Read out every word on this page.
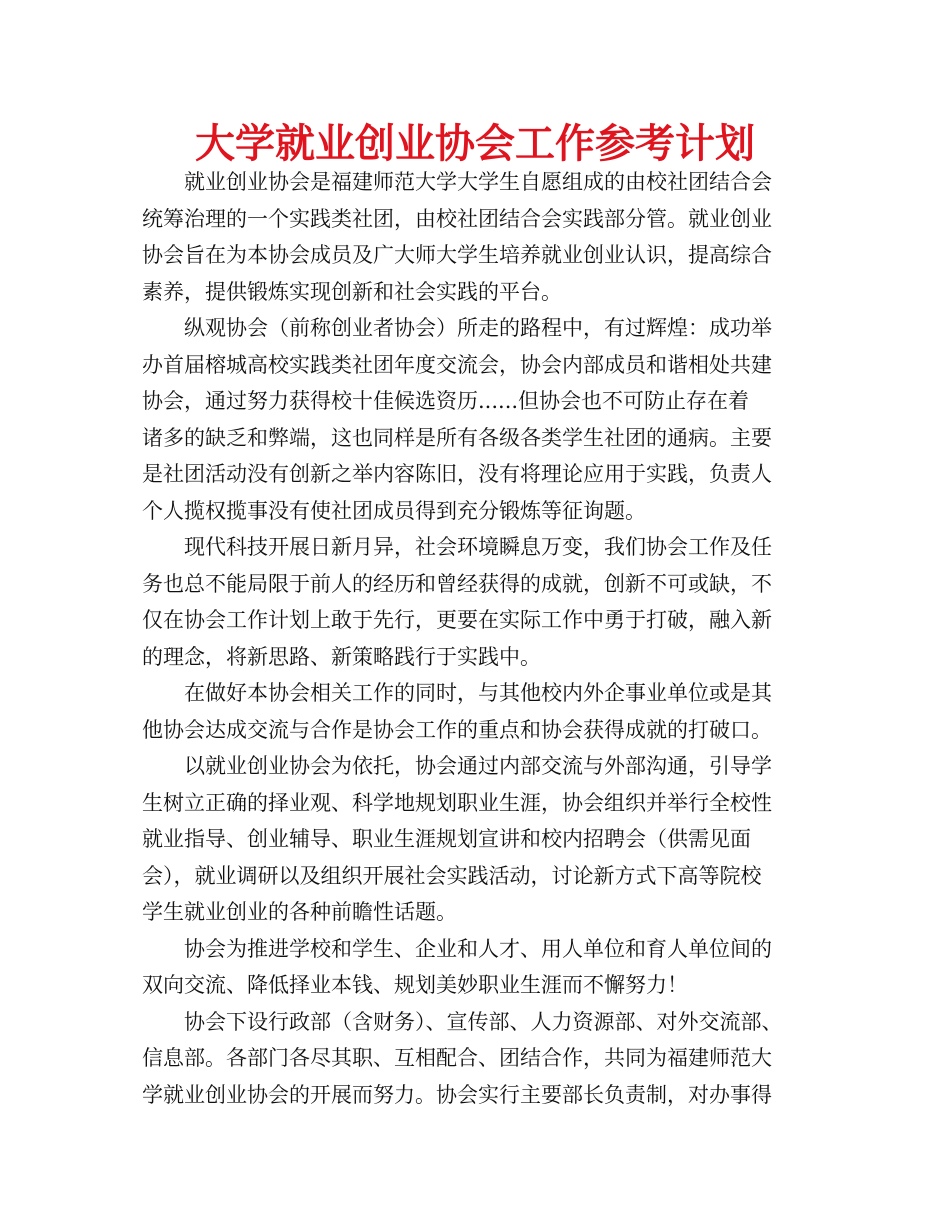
大学就业创业协会工作参考计划
就业创业协会是福建师范大学大学生自愿组成的由校社团结合会
统筹治理的一个实践类社团，由校社团结合会实践部分管。就业创业
协会旨在为本协会成员及广大师大学生培养就业创业认识，提高综合
素养，提供锻炼实现创新和社会实践的平台。
纵观协会（前称创业者协会）所走的路程中，有过辉煌：成功举
办首届榕城高校实践类社团年度交流会，协会内部成员和谐相处共建
协会，通过努力获得校十佳候选资历......但协会也不可防止存在着
诸多的缺乏和弊端，这也同样是所有各级各类学生社团的通病。主要
是社团活动没有创新之举内容陈旧，没有将理论应用于实践，负责人
个人揽权揽事没有使社团成员得到充分锻炼等征询题。
现代科技开展日新月异，社会环境瞬息万变，我们协会工作及任
务也总不能局限于前人的经历和曾经获得的成就，创新不可或缺，不
仅在协会工作计划上敢于先行，更要在实际工作中勇于打破，融入新
的理念，将新思路、新策略践行于实践中。
在做好本协会相关工作的同时，与其他校内外企事业单位或是其
他协会达成交流与合作是协会工作的重点和协会获得成就的打破口。
以就业创业协会为依托，协会通过内部交流与外部沟通，引导学
生树立正确的择业观、科学地规划职业生涯，协会组织并举行全校性
就业指导、创业辅导、职业生涯规划宣讲和校内招聘会（供需见面
会），就业调研以及组织开展社会实践活动，讨论新方式下高等院校
学生就业创业的各种前瞻性话题。
协会为推进学校和学生、企业和人才、用人单位和育人单位间的
双向交流、降低择业本钱、规划美妙职业生涯而不懈努力！
协会下设行政部（含财务）、宣传部、人力资源部、对外交流部、
信息部。各部门各尽其职、互相配合、团结合作，共同为福建师范大
学就业创业协会的开展而努力。协会实行主要部长负责制，对办事得
